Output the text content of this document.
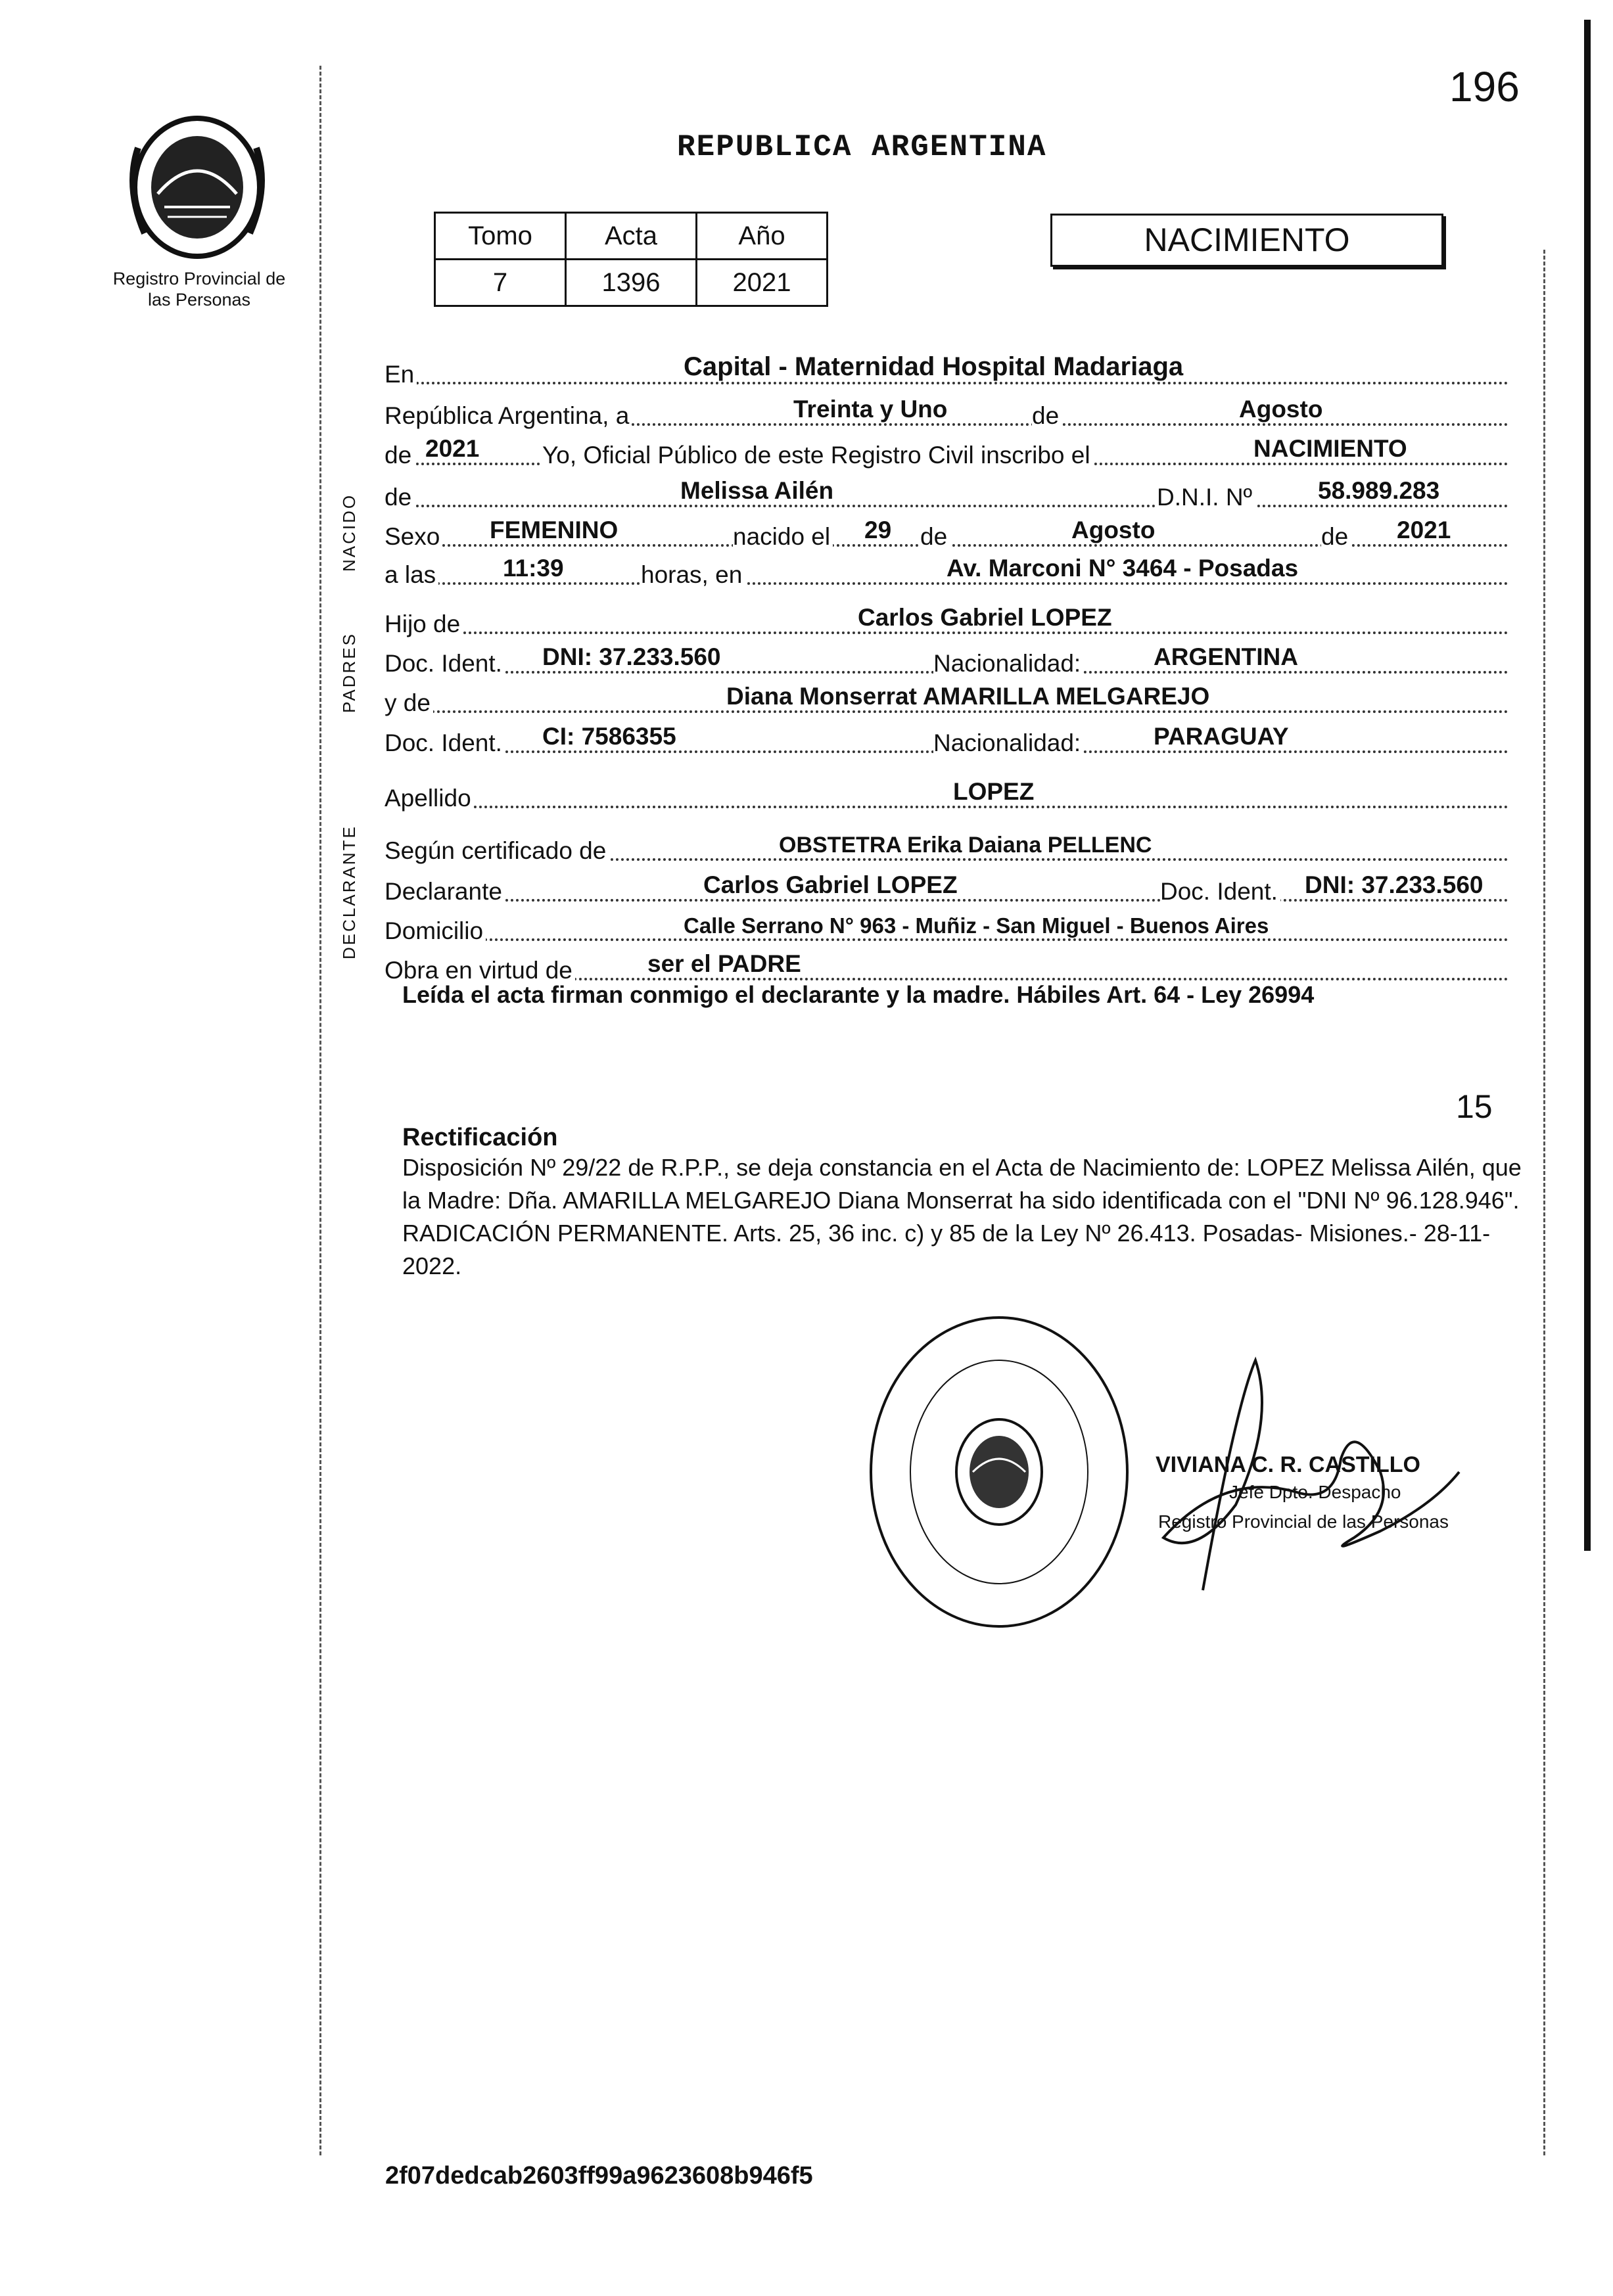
196
Registro Provincial de las Personas
REPUBLICA ARGENTINA
Tomo	Acta	Año
7	1396	2021
NACIMIENTO
NACIDO
PADRES
DECLARANTE
En	Capital - Maternidad Hospital Madariaga
República Argentina, a	Treinta y Uno	de	Agosto
de 2021	Yo, Oficial Público de este Registro Civil inscribo el	NACIMIENTO
de	Melissa Ailén	D.N.I. Nº	58.989.283
Sexo FEMENINO	nacido el 29 de	Agosto	de 2021
a las	11:39	horas, en	Av. Marconi N° 3464 - Posadas
Hijo de	Carlos Gabriel LOPEZ
Doc. Ident. DNI: 37.233.560	Nacionalidad:	ARGENTINA
y de	Diana Monserrat AMARILLA MELGAREJO
Doc. Ident. CI: 7586355	Nacionalidad:	PARAGUAY
Apellido	LOPEZ
Según certificado de	OBSTETRA Erika Daiana PELLENC
Declarante	Carlos Gabriel LOPEZ	Doc. Ident. DNI: 37.233.560
Domicilio	Calle Serrano N° 963 - Muñiz - San Miguel - Buenos Aires
Obra en virtud de	ser el PADRE
Leída el acta firman conmigo el declarante y la madre. Hábiles Art. 64 - Ley 26994
15
Rectificación
Disposición Nº 29/22 de R.P.P., se deja constancia en el Acta de Nacimiento de: LOPEZ Melissa Ailén, que la Madre: Dña. AMARILLA MELGAREJO Diana Monserrat ha sido identificada con el "DNI Nº 96.128.946". RADICACIÓN PERMANENTE. Arts. 25, 36 inc. c) y 85 de la Ley Nº 26.413. Posadas- Misiones.- 28-11-2022.
VIVIANA C. R. CASTILLO
Jefe Dpto. Despacho
Registro Provincial de las Personas
2f07dedcab2603ff99a9623608b946f5
